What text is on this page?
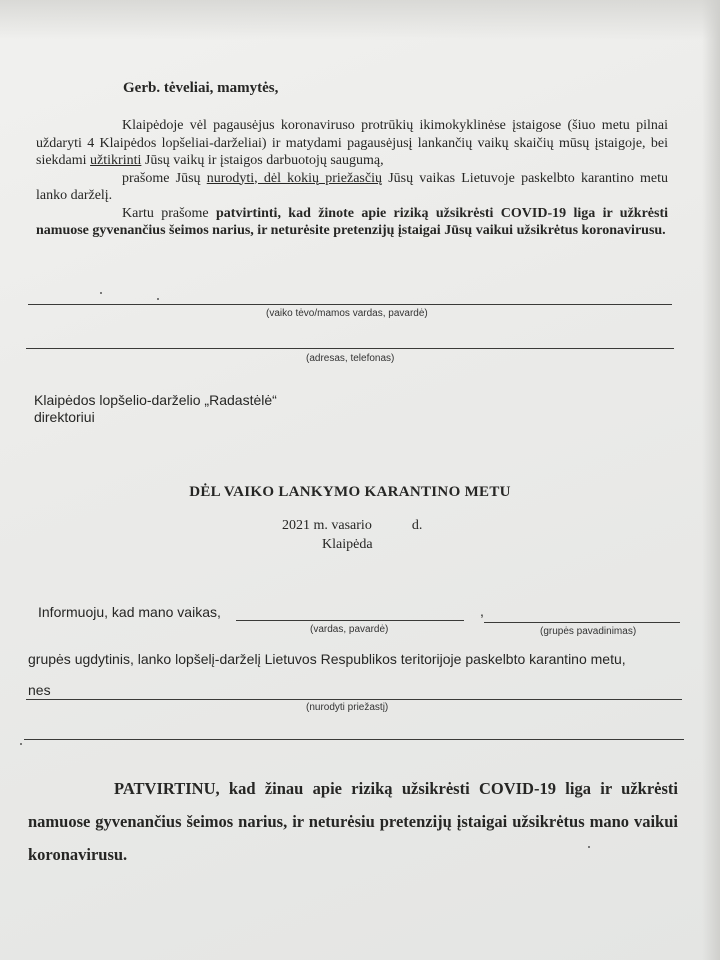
Gerb. tėveliai, mamytės,

Klaipėdoje vėl pagausėjus koronaviruso protrūkių ikimokyklinėse įstaigose (šiuo metu pilnai uždaryti 4 Klaipėdos lopšeliai-darželiai) ir matydami pagausėjusį lankančių vaikų skaičių mūsų įstaigoje, bei siekdami užtikrinti Jūsų vaikų ir įstaigos darbuotojų saugumą,

prašome Jūsų nurodyti, dėl kokių priežasčių Jūsų vaikas Lietuvoje paskelbto karantino metu lanko darželį.

Kartu prašome patvirtinti, kad žinote apie riziką užsikrėsti COVID-19 liga ir užkrėsti namuose gyvenančius šeimos narius, ir neturėsite pretenzijų įstaigai Jūsų vaikui užsikrėtus koronavirusu.

(vaiko tėvo/mamos vardas, pavardė)
(adresas, telefonas)

Klaipėdos lopšelio-darželio „Radastėlė“

direktoriui

DĖL VAIKO LANKYMO KARANTINO METU

2021 m. vasario	d.

Klaipėda

Informuoju, kad mano vaikas,	,

(vardas, pavardė)	(grupės pavadinimas)

grupės ugdytinis, lanko lopšelį-darželį Lietuvos Respublikos teritorijoje paskelbto karantino metu,

nes

(nurodyti priežastį)

PATVIRTINU, kad žinau apie riziką užsikrėsti COVID-19 liga ir užkrėsti namuose gyvenančius šeimos narius, ir neturėsiu pretenzijų įstaigai užsikrėtus mano vaikui koronavirusu.
